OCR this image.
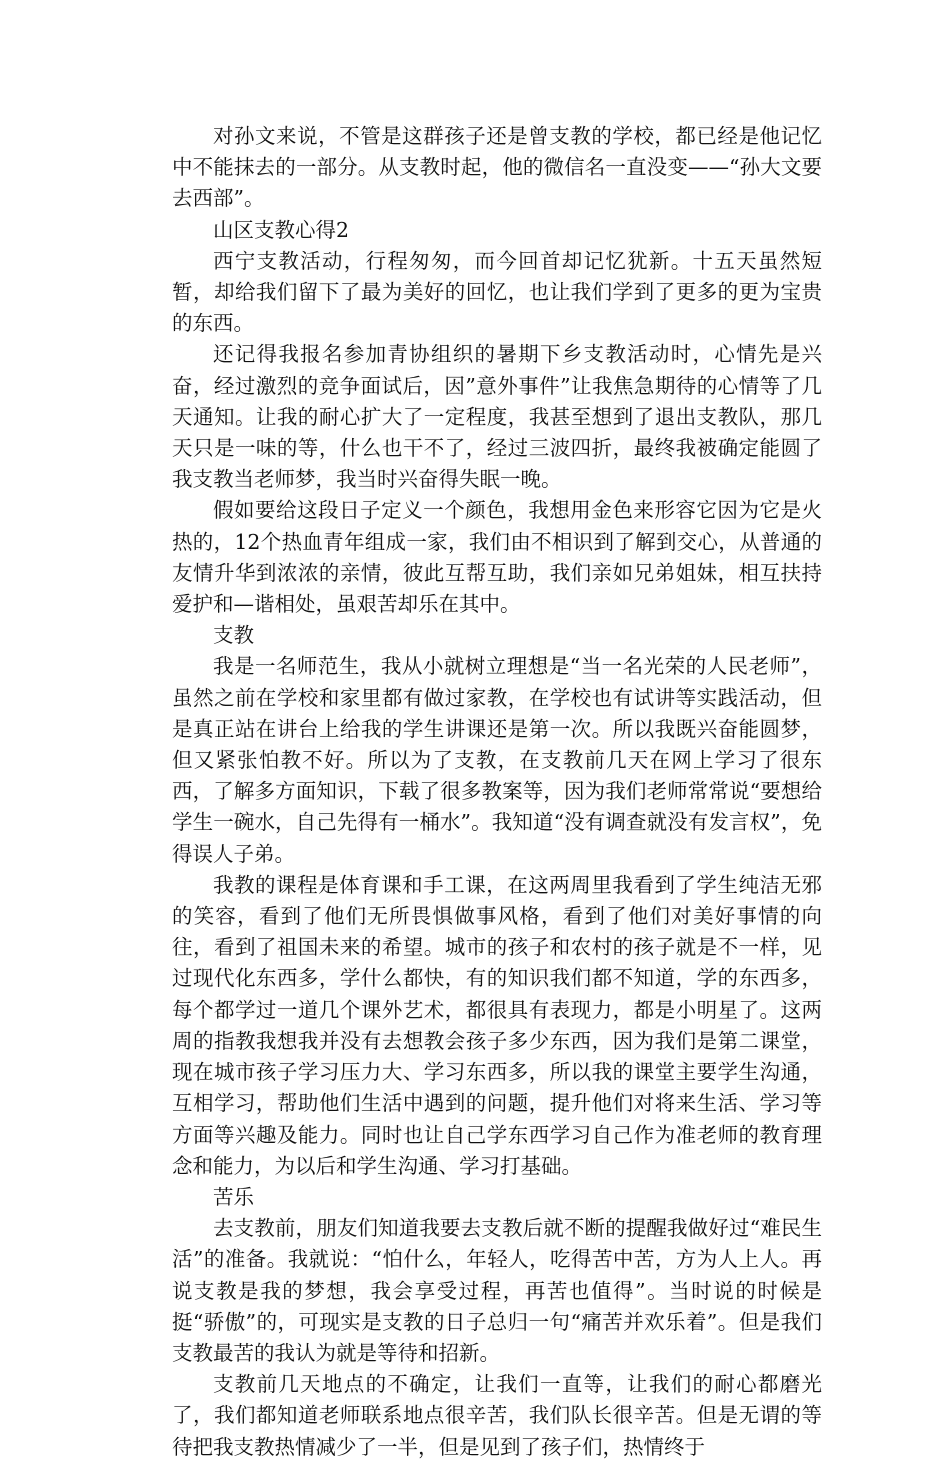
对孙文来说，不管是这群孩子还是曾支教的学校，都已经是他记忆中不能抹去的一部分。从支教时起，他的微信名一直没变——“孙大文要去西部”。

山区支教心得2

西宁支教活动，行程匆匆，而今回首却记忆犹新。十五天虽然短暂，却给我们留下了最为美好的回忆，也让我们学到了更多的更为宝贵的东西。

还记得我报名参加青协组织的暑期下乡支教活动时，心情先是兴奋，经过激烈的竞争面试后，因”意外事件”让我焦急期待的心情等了几天通知。让我的耐心扩大了一定程度，我甚至想到了退出支教队，那几天只是一味的等，什么也干不了，经过三波四折，最终我被确定能圆了我支教当老师梦，我当时兴奋得失眠一晚。

假如要给这段日子定义一个颜色，我想用金色来形容它因为它是火热的，12个热血青年组成一家，我们由不相识到了解到交心，从普通的友情升华到浓浓的亲情，彼此互帮互助，我们亲如兄弟姐妹，相互扶持爱护和—谐相处，虽艰苦却乐在其中。

支教

我是一名师范生，我从小就树立理想是“当一名光荣的人民老师”，虽然之前在学校和家里都有做过家教，在学校也有试讲等实践活动，但是真正站在讲台上给我的学生讲课还是第一次。所以我既兴奋能圆梦，但又紧张怕教不好。所以为了支教，在支教前几天在网上学习了很东西，了解多方面知识，下载了很多教案等，因为我们老师常常说“要想给学生一碗水，自己先得有一桶水”。我知道“没有调查就没有发言权”，免得误人子弟。

我教的课程是体育课和手工课，在这两周里我看到了学生纯洁无邪的笑容，看到了他们无所畏惧做事风格，看到了他们对美好事情的向往，看到了祖国未来的希望。城市的孩子和农村的孩子就是不一样，见过现代化东西多，学什么都快，有的知识我们都不知道，学的东西多，每个都学过一道几个课外艺术，都很具有表现力，都是小明星了。这两周的指教我想我并没有去想教会孩子多少东西，因为我们是第二课堂，现在城市孩子学习压力大、学习东西多，所以我的课堂主要学生沟通，互相学习，帮助他们生活中遇到的问题，提升他们对将来生活、学习等方面等兴趣及能力。同时也让自己学东西学习自己作为准老师的教育理念和能力，为以后和学生沟通、学习打基础。

苦乐

去支教前，朋友们知道我要去支教后就不断的提醒我做好过“难民生活”的准备。我就说：“怕什么，年轻人，吃得苦中苦，方为人上人。再说支教是我的梦想，我会享受过程，再苦也值得”。当时说的时候是挺“骄傲”的，可现实是支教的日子总归一句“痛苦并欢乐着”。但是我们支教最苦的我认为就是等待和招新。

支教前几天地点的不确定，让我们一直等，让我们的耐心都磨光了，我们都知道老师联系地点很辛苦，我们队长很辛苦。但是无谓的等待把我支教热情减少了一半，但是见到了孩子们，热情终于
